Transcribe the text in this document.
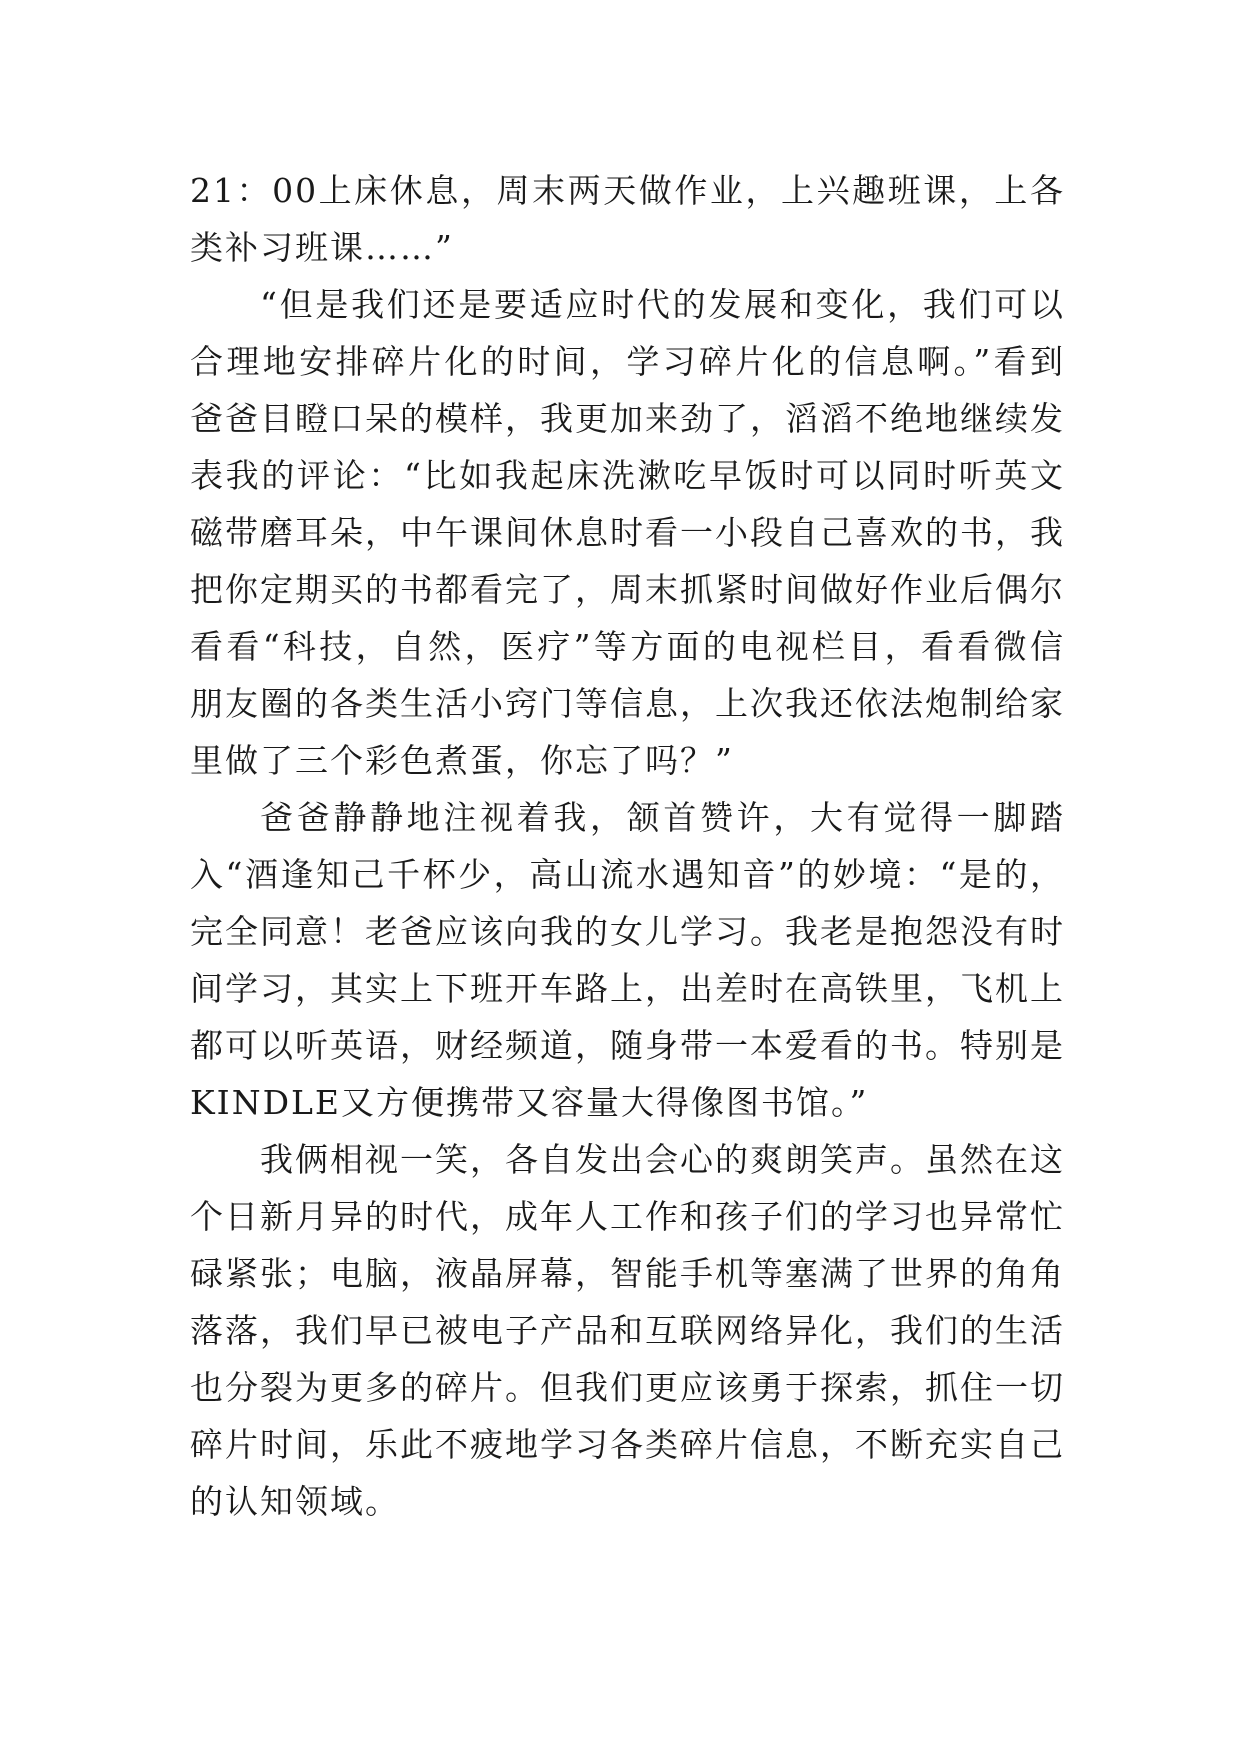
21：00上床休息，周末两天做作业，上兴趣班课，上各类补习班课……”

“但是我们还是要适应时代的发展和变化，我们可以合理地安排碎片化的时间，学习碎片化的信息啊。”看到爸爸目瞪口呆的模样，我更加来劲了，滔滔不绝地继续发表我的评论：“比如我起床洗漱吃早饭时可以同时听英文磁带磨耳朵，中午课间休息时看一小段自己喜欢的书，我把你定期买的书都看完了，周末抓紧时间做好作业后偶尔看看“科技，自然，医疗”等方面的电视栏目，看看微信朋友圈的各类生活小窍门等信息，上次我还依法炮制给家里做了三个彩色煮蛋，你忘了吗？”

爸爸静静地注视着我，颔首赞许，大有觉得一脚踏入“酒逢知己千杯少，高山流水遇知音”的妙境：“是的，完全同意！老爸应该向我的女儿学习。我老是抱怨没有时间学习，其实上下班开车路上，出差时在高铁里，飞机上都可以听英语，财经频道，随身带一本爱看的书。特别是KINDLE又方便携带又容量大得像图书馆。”

我俩相视一笑，各自发出会心的爽朗笑声。虽然在这个日新月异的时代，成年人工作和孩子们的学习也异常忙碌紧张；电脑，液晶屏幕，智能手机等塞满了世界的角角落落，我们早已被电子产品和互联网络异化，我们的生活也分裂为更多的碎片。但我们更应该勇于探索，抓住一切碎片时间，乐此不疲地学习各类碎片信息，不断充实自己的认知领域。
